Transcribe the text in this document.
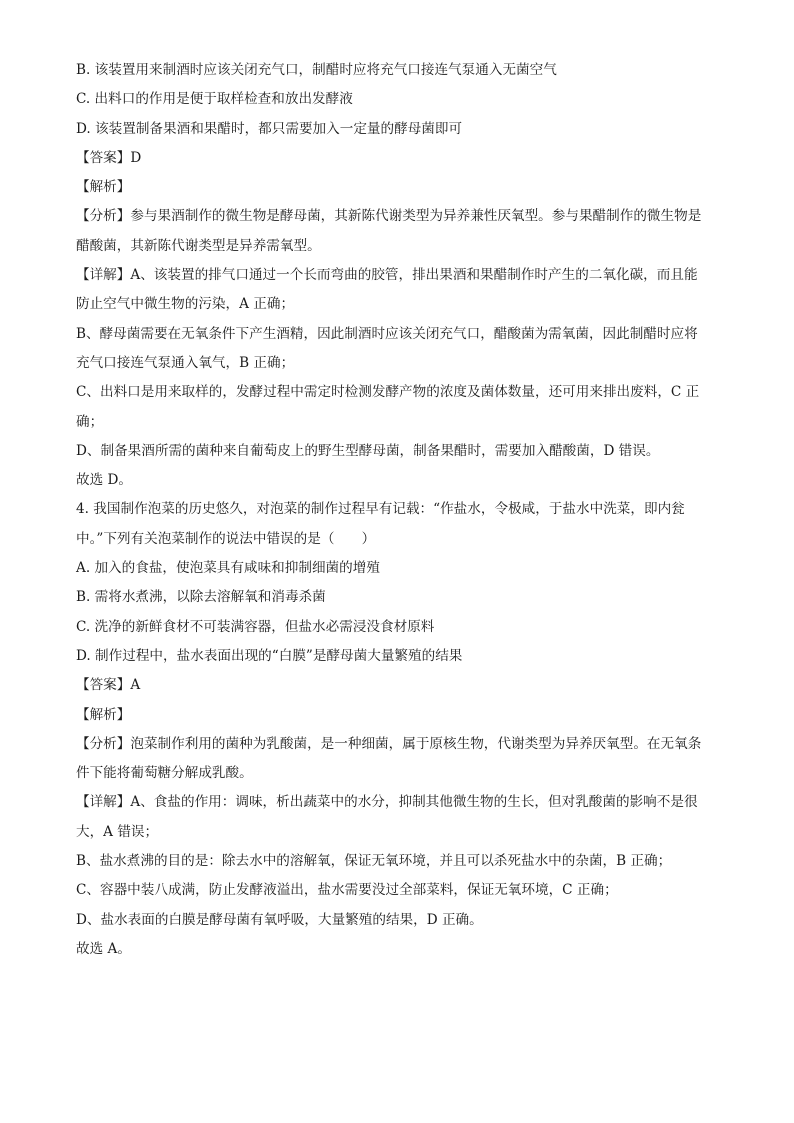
B. 该装置用来制酒时应该关闭充气口，制醋时应将充气口接连气泵通入无菌空气

C. 出料口的作用是便于取样检查和放出发酵液

D. 该装置制备果酒和果醋时，都只需要加入一定量的酵母菌即可

【答案】D

【解析】

【分析】参与果酒制作的微生物是酵母菌，其新陈代谢类型为异养兼性厌氧型。参与果醋制作的微生物是

醋酸菌，其新陈代谢类型是异养需氧型。

【详解】A、该装置的排气口通过一个长而弯曲的胶管，排出果酒和果醋制作时产生的二氧化碳，而且能

防止空气中微生物的污染，A 正确；

B、酵母菌需要在无氧条件下产生酒精，因此制酒时应该关闭充气口，醋酸菌为需氧菌，因此制醋时应将

充气口接连气泵通入氧气，B 正确；

C、出料口是用来取样的，发酵过程中需定时检测发酵产物的浓度及菌体数量，还可用来排出废料，C 正

确；

D、制备果酒所需的菌种来自葡萄皮上的野生型酵母菌，制备果醋时，需要加入醋酸菌，D 错误。

故选 D。

4. 我国制作泡菜的历史悠久，对泡菜的制作过程早有记载：“作盐水，令极咸，于盐水中洗菜，即内瓮

中。”下列有关泡菜制作的说法中错误的是（　　）

A. 加入的食盐，使泡菜具有咸味和抑制细菌的增殖

B. 需将水煮沸，以除去溶解氧和消毒杀菌

C. 洗净的新鲜食材不可装满容器，但盐水必需浸没食材原料

D. 制作过程中，盐水表面出现的“白膜”是酵母菌大量繁殖的结果

【答案】A

【解析】

【分析】泡菜制作利用的菌种为乳酸菌，是一种细菌，属于原核生物，代谢类型为异养厌氧型。在无氧条

件下能将葡萄糖分解成乳酸。

【详解】A、食盐的作用：调味，析出蔬菜中的水分，抑制其他微生物的生长，但对乳酸菌的影响不是很

大，A 错误；

B、盐水煮沸的目的是：除去水中的溶解氧，保证无氧环境，并且可以杀死盐水中的杂菌，B 正确；

C、容器中装八成满，防止发酵液溢出，盐水需要没过全部菜料，保证无氧环境，C 正确；

D、盐水表面的白膜是酵母菌有氧呼吸，大量繁殖的结果，D 正确。

故选 A。
